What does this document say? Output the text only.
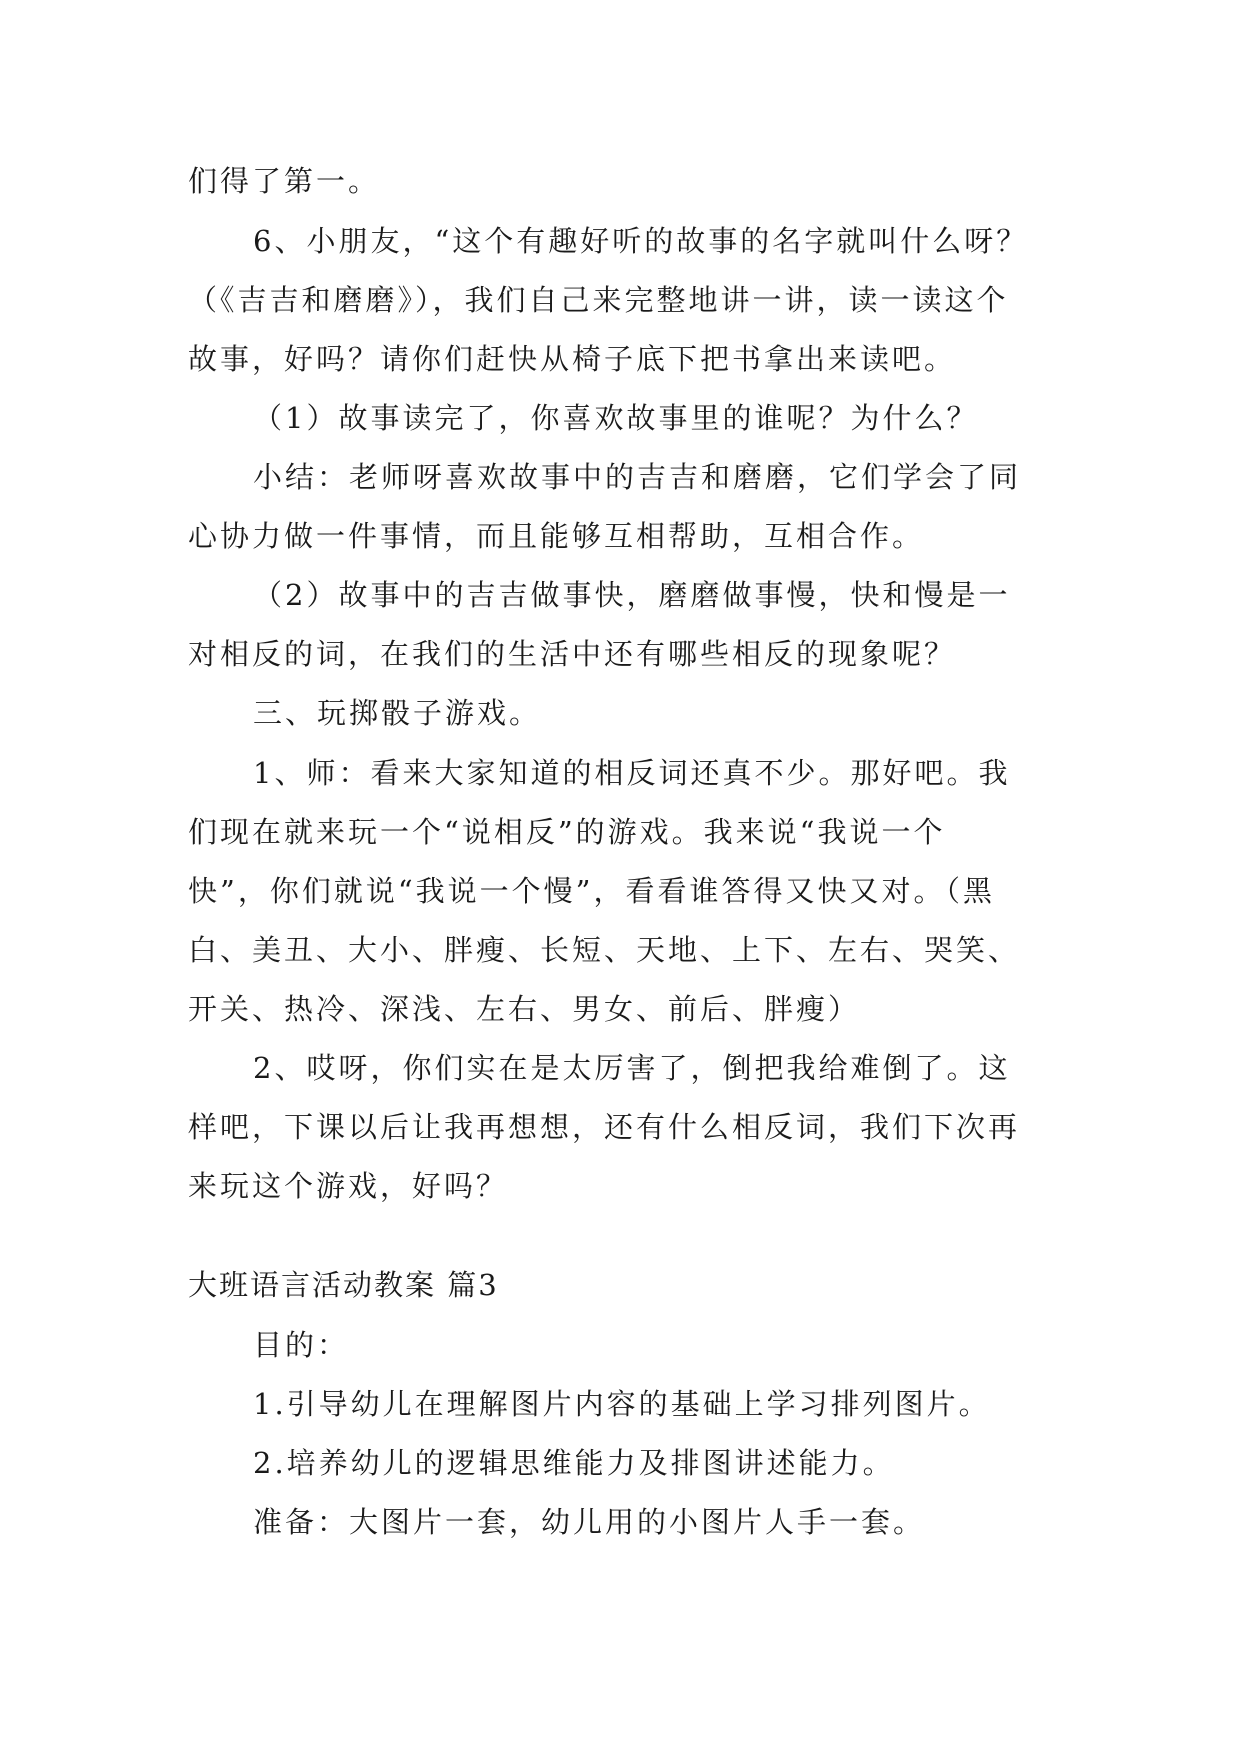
们得了第一。
6、小朋友，“这个有趣好听的故事的名字就叫什么呀？
（《吉吉和磨磨》），我们自己来完整地讲一讲，读一读这个
故事，好吗？请你们赶快从椅子底下把书拿出来读吧。
（1）故事读完了，你喜欢故事里的谁呢？为什么？
小结：老师呀喜欢故事中的吉吉和磨磨，它们学会了同
心协力做一件事情，而且能够互相帮助，互相合作。
（2）故事中的吉吉做事快，磨磨做事慢，快和慢是一
对相反的词，在我们的生活中还有哪些相反的现象呢？
三、玩掷骰子游戏。
1、师：看来大家知道的相反词还真不少。那好吧。我
们现在就来玩一个“说相反”的游戏。我来说“我说一个
快”，你们就说“我说一个慢”，看看谁答得又快又对。（黑
白、美丑、大小、胖瘦、长短、天地、上下、左右、哭笑、
开关、热冷、深浅、左右、男女、前后、胖瘦）
2、哎呀，你们实在是太厉害了，倒把我给难倒了。这
样吧，下课以后让我再想想，还有什么相反词，我们下次再
来玩这个游戏，好吗？
大班语言活动教案 篇3
目的：
1.引导幼儿在理解图片内容的基础上学习排列图片。
2.培养幼儿的逻辑思维能力及排图讲述能力。
准备：大图片一套，幼儿用的小图片人手一套。
